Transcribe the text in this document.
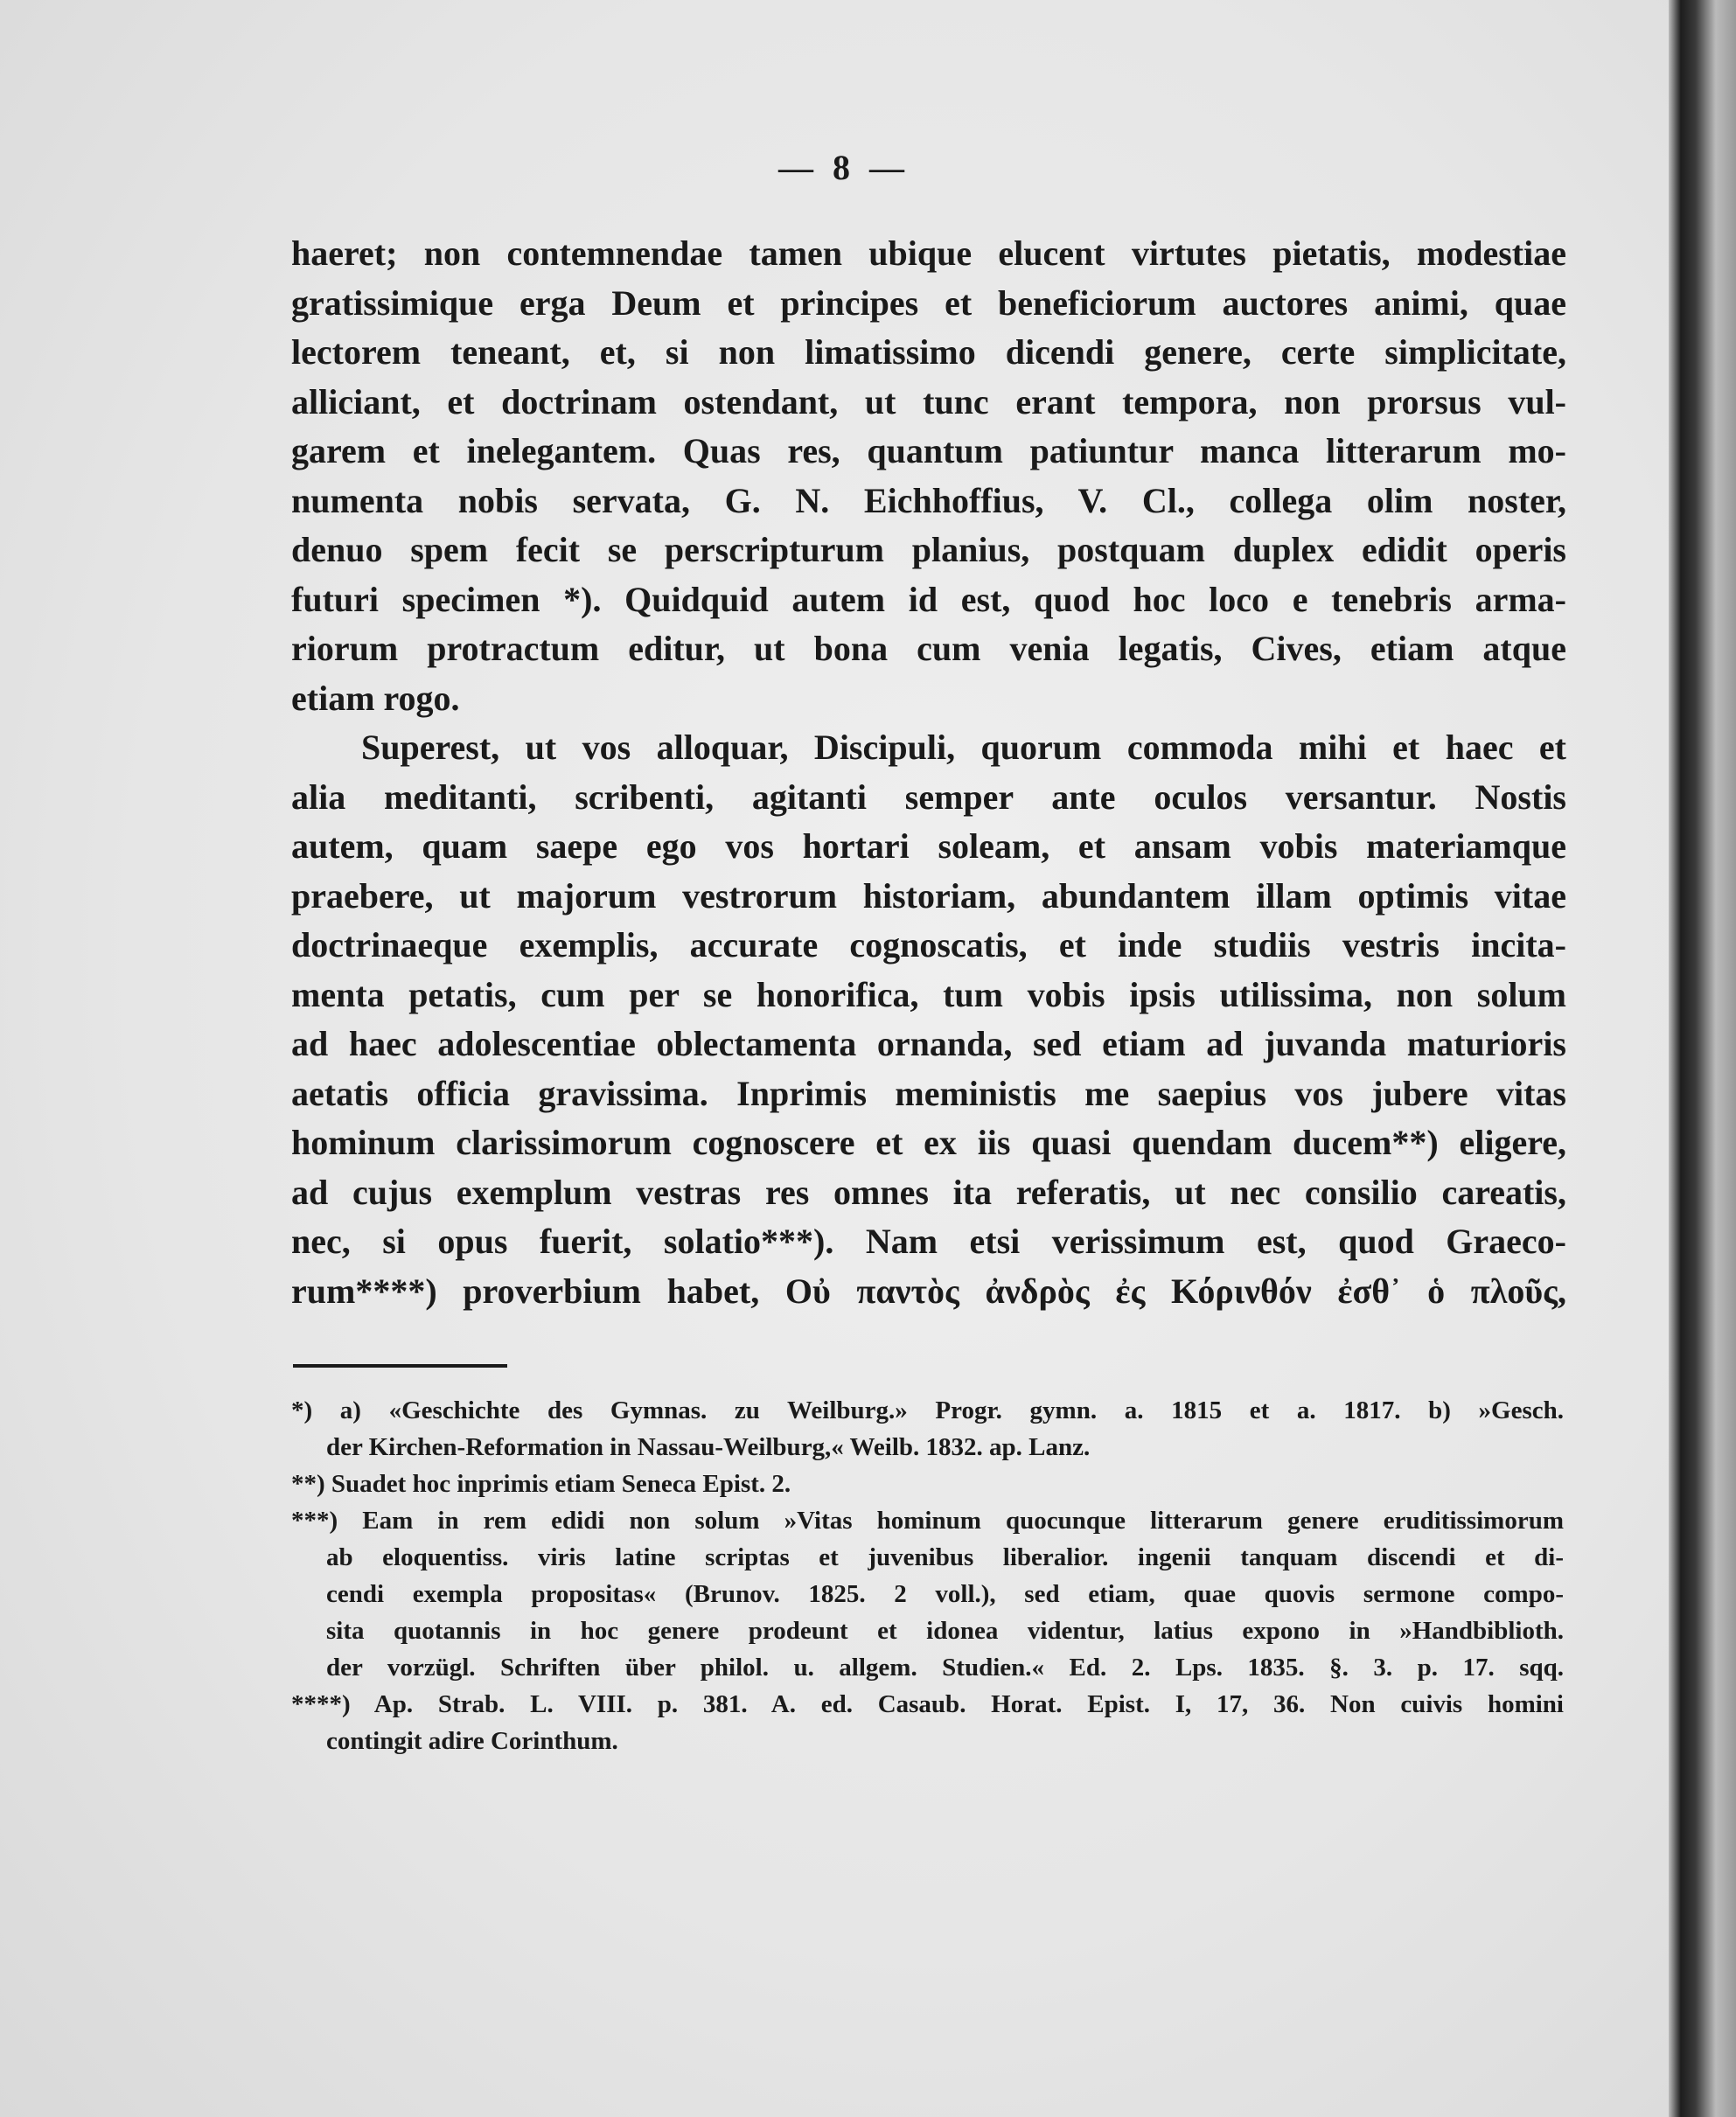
— 8 —
haeret; non contemnendae tamen ubique elucent virtutes pietatis, modestiae
gratissimique erga Deum et principes et beneficiorum auctores animi, quae
lectorem teneant, et, si non limatissimo dicendi genere, certe simplicitate,
alliciant, et doctrinam ostendant, ut tunc erant tempora, non prorsus vul-
garem et inelegantem. Quas res, quantum patiuntur manca litterarum mo-
numenta nobis servata, G. N. Eichhoffius, V. Cl., collega olim noster,
denuo spem fecit se perscripturum planius, postquam duplex edidit operis
futuri specimen *). Quidquid autem id est, quod hoc loco e tenebris arma-
riorum protractum editur, ut bona cum venia legatis, Cives, etiam atque
etiam rogo.
Superest, ut vos alloquar, Discipuli, quorum commoda mihi et haec et
alia meditanti, scribenti, agitanti semper ante oculos versantur. Nostis
autem, quam saepe ego vos hortari soleam, et ansam vobis materiamque
praebere, ut majorum vestrorum historiam, abundantem illam optimis vitae
doctrinaeque exemplis, accurate cognoscatis, et inde studiis vestris incita-
menta petatis, cum per se honorifica, tum vobis ipsis utilissima, non solum
ad haec adolescentiae oblectamenta ornanda, sed etiam ad juvanda maturioris
aetatis officia gravissima. Inprimis meministis me saepius vos jubere vitas
hominum clarissimorum cognoscere et ex iis quasi quendam ducem**) eligere,
ad cujus exemplum vestras res omnes ita referatis, ut nec consilio careatis,
nec, si opus fuerit, solatio***). Nam etsi verissimum est, quod Graeco-
rum****) proverbium habet, Οὐ παντὸς ἀνδρὸς ἐς Κόρινθόν ἐσθ᾽ ὁ πλοῦς,
*) a) «Geschichte des Gymnas. zu Weilburg.» Progr. gymn. a. 1815 et a. 1817. b) »Gesch.
der Kirchen-Reformation in Nassau-Weilburg,« Weilb. 1832. ap. Lanz.
**) Suadet hoc inprimis etiam Seneca Epist. 2.
***) Eam in rem edidi non solum »Vitas hominum quocunque litterarum genere eruditissimorum
ab eloquentiss. viris latine scriptas et juvenibus liberalior. ingenii tanquam discendi et di-
cendi exempla propositas« (Brunov. 1825. 2 voll.), sed etiam, quae quovis sermone compo-
sita quotannis in hoc genere prodeunt et idonea videntur, latius expono in »Handbiblioth.
der vorzügl. Schriften über philol. u. allgem. Studien.« Ed. 2. Lps. 1835. §. 3. p. 17. sqq.
****) Ap. Strab. L. VIII. p. 381. A. ed. Casaub. Horat. Epist. I, 17, 36. Non cuivis homini
contingit adire Corinthum.
